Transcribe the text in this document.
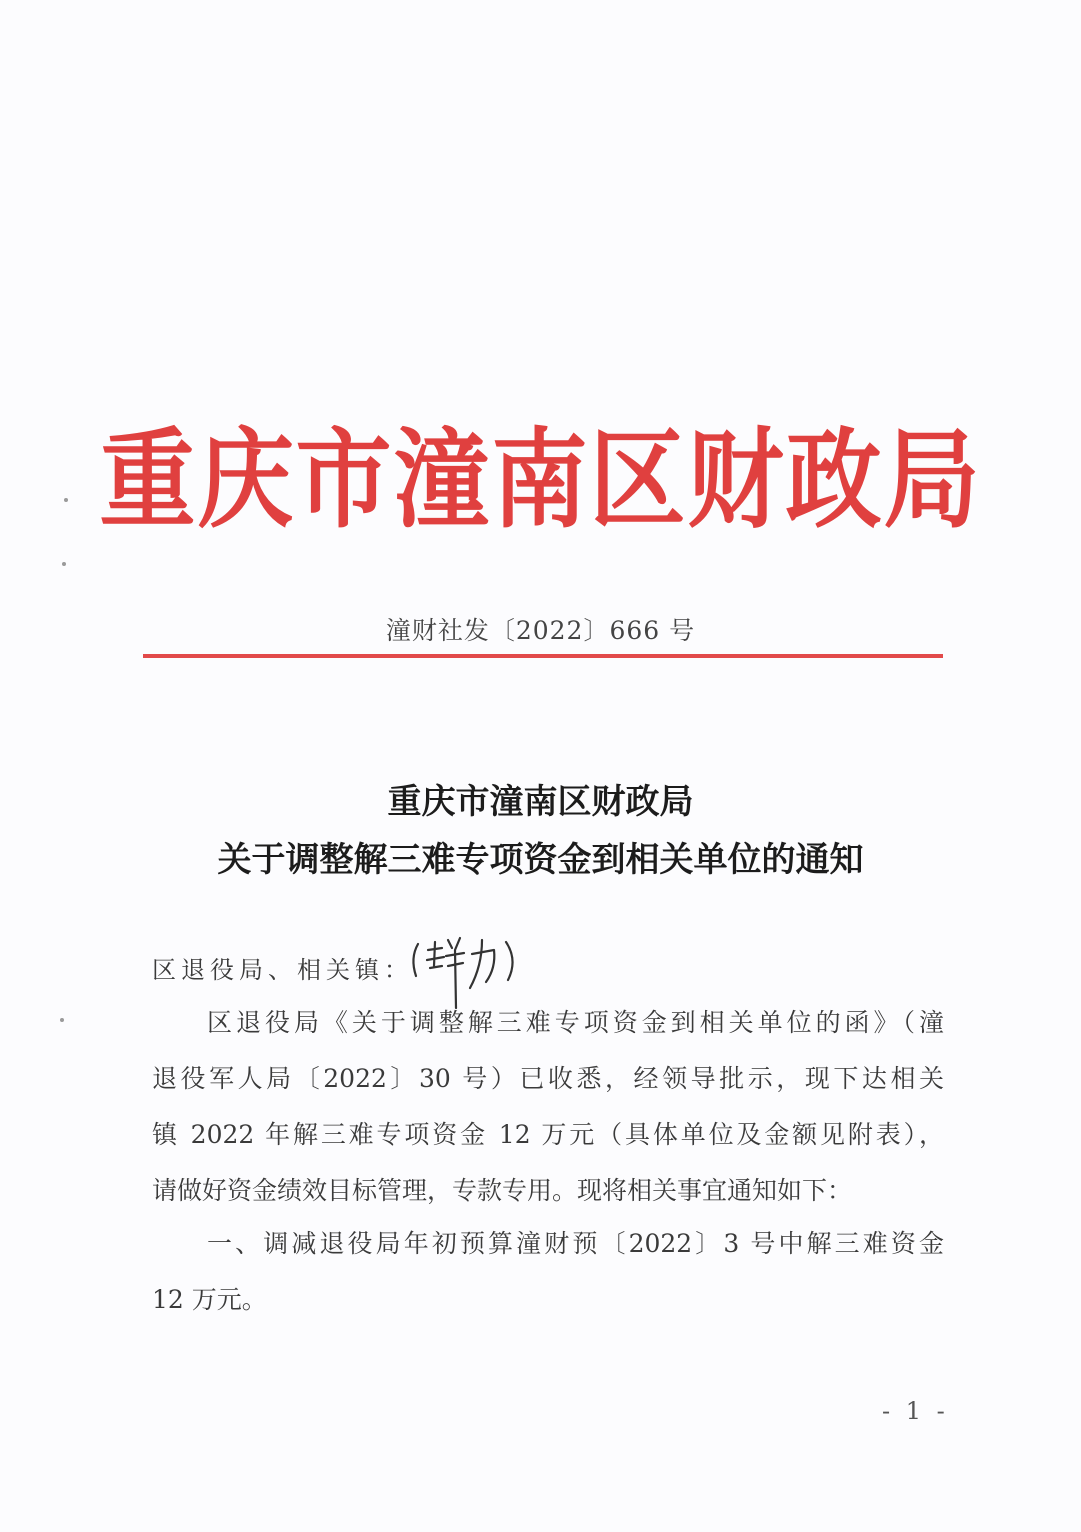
重庆市潼南区财政局
潼财社发〔2022〕666 号
重庆市潼南区财政局
关于调整解三难专项资金到相关单位的通知
区退役局、相关镇：
区退役局《关于调整解三难专项资金到相关单位的函》（潼
退役军人局〔2022〕30 号）已收悉，经领导批示，现下达相关
镇 2022 年解三难专项资金 12 万元（具体单位及金额见附表），
请做好资金绩效目标管理，专款专用。现将相关事宜通知如下：
一、调减退役局年初预算潼财预〔2022〕3 号中解三难资金
12 万元。
- 1 -
